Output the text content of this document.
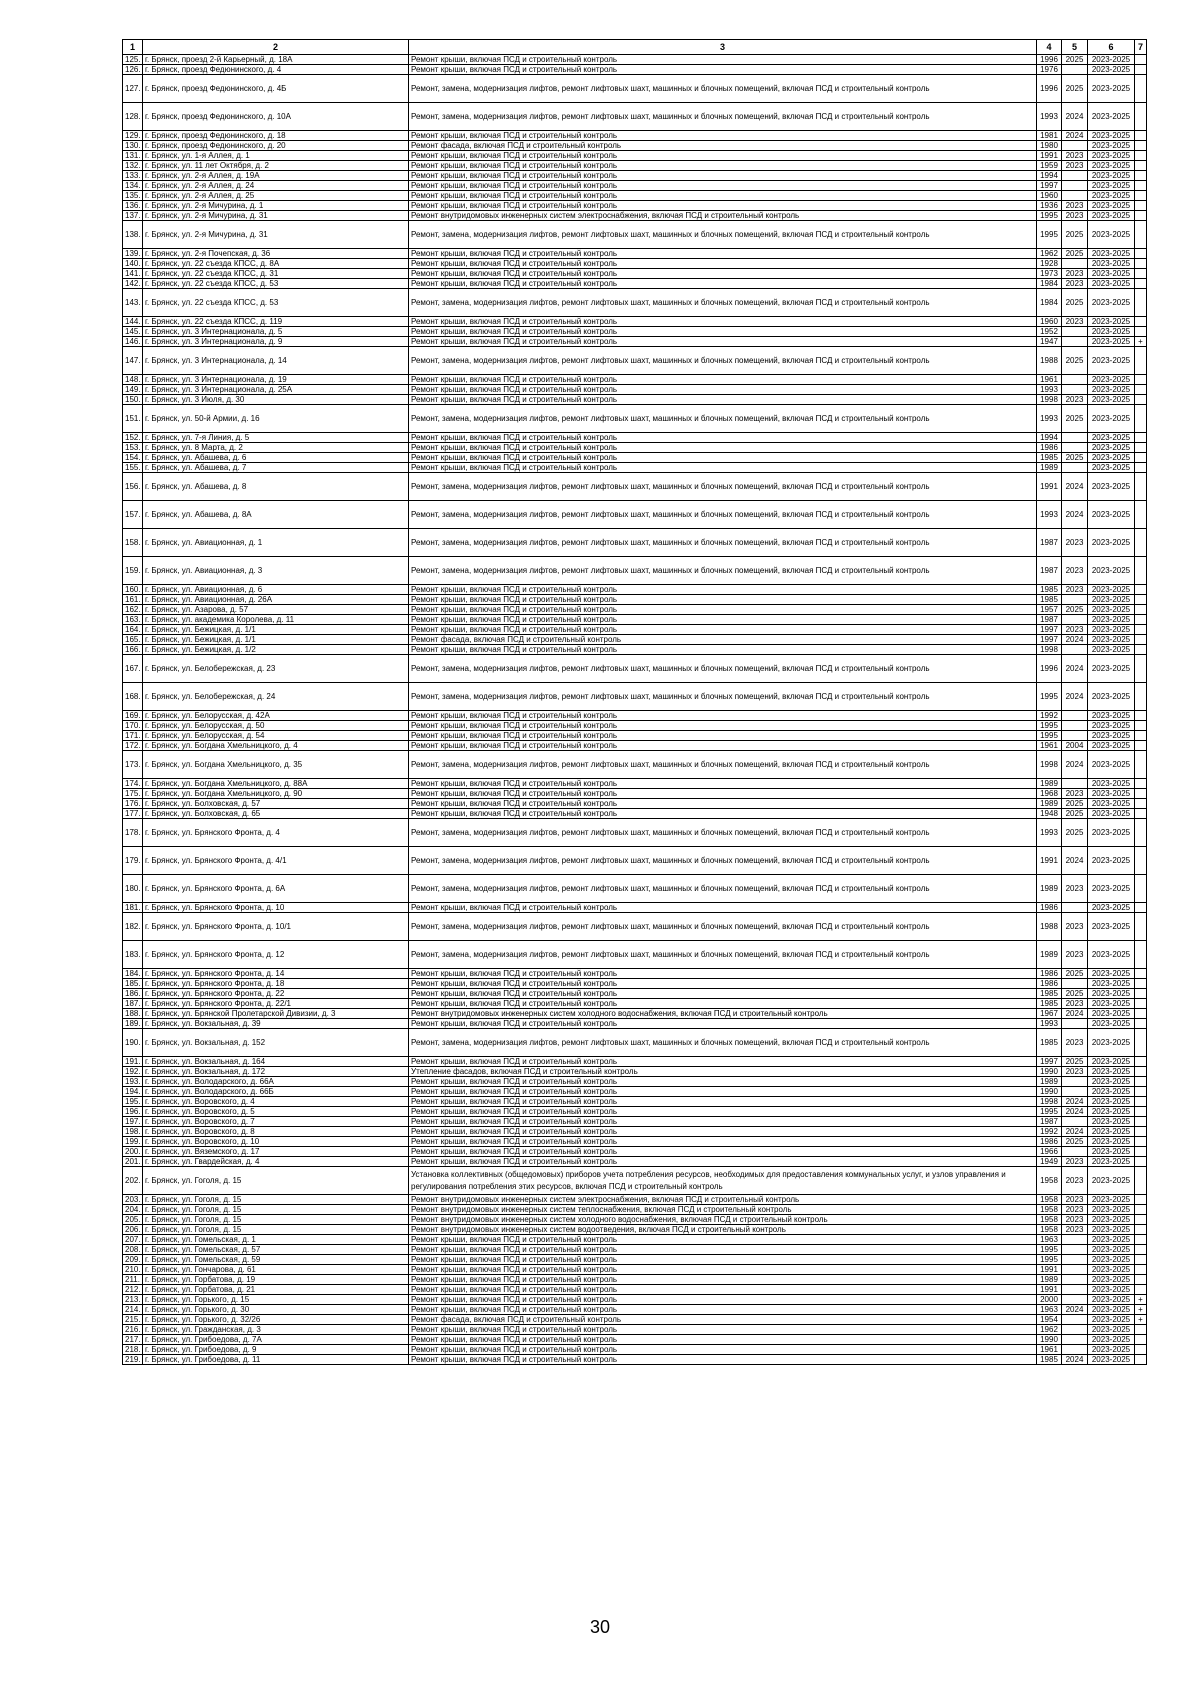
1	2	3	4	5	6	7
125.	г. Брянск, проезд 2-й Карьерный, д. 18А	Ремонт крыши, включая ПСД и строительный контроль	1996	2025	2023-2025	
126.	г. Брянск, проезд Федюнинского, д. 4	Ремонт крыши, включая ПСД и строительный контроль	1976		2023-2025	
127.	г. Брянск, проезд Федюнинского, д. 4Б	Ремонт, замена, модернизация лифтов, ремонт лифтовых шахт, машинных и блочных помещений, включая ПСД и строительный контроль	1996	2025	2023-2025	
128.	г. Брянск, проезд Федюнинского, д. 10А	Ремонт, замена, модернизация лифтов, ремонт лифтовых шахт, машинных и блочных помещений, включая ПСД и строительный контроль	1993	2024	2023-2025	
129.	г. Брянск, проезд Федюнинского, д. 18	Ремонт крыши, включая ПСД и строительный контроль	1981	2024	2023-2025	
130.	г. Брянск, проезд Федюнинского, д. 20	Ремонт фасада, включая ПСД и строительный контроль	1980		2023-2025	
131.	г. Брянск, ул. 1-я Аллея, д. 1	Ремонт крыши, включая ПСД и строительный контроль	1991	2023	2023-2025	
132.	г. Брянск, ул. 11 лет Октября, д. 2	Ремонт крыши, включая ПСД и строительный контроль	1959	2023	2023-2025	
133.	г. Брянск, ул. 2-я Аллея, д. 19А	Ремонт крыши, включая ПСД и строительный контроль	1994		2023-2025	
134.	г. Брянск, ул. 2-я Аллея, д. 24	Ремонт крыши, включая ПСД и строительный контроль	1997		2023-2025	
135.	г. Брянск, ул. 2-я Аллея, д. 25	Ремонт крыши, включая ПСД и строительный контроль	1960		2023-2025	
136.	г. Брянск, ул. 2-я Мичурина, д. 1	Ремонт крыши, включая ПСД и строительный контроль	1936	2023	2023-2025	
137.	г. Брянск, ул. 2-я Мичурина, д. 31	Ремонт внутридомовых инженерных систем электроснабжения, включая ПСД и строительный контроль	1995	2023	2023-2025	
138.	г. Брянск, ул. 2-я Мичурина, д. 31	Ремонт, замена, модернизация лифтов, ремонт лифтовых шахт, машинных и блочных помещений, включая ПСД и строительный контроль	1995	2025	2023-2025	
139.	г. Брянск, ул. 2-я Почепская, д. 36	Ремонт крыши, включая ПСД и строительный контроль	1962	2025	2023-2025	
140.	г. Брянск, ул. 22 съезда КПСС, д. 8А	Ремонт крыши, включая ПСД и строительный контроль	1928		2023-2025	
141.	г. Брянск, ул. 22 съезда КПСС, д. 31	Ремонт крыши, включая ПСД и строительный контроль	1973	2023	2023-2025	
142.	г. Брянск, ул. 22 съезда КПСС, д. 53	Ремонт крыши, включая ПСД и строительный контроль	1984	2023	2023-2025	
143.	г. Брянск, ул. 22 съезда КПСС, д. 53	Ремонт, замена, модернизация лифтов, ремонт лифтовых шахт, машинных и блочных помещений, включая ПСД и строительный контроль	1984	2025	2023-2025	
144.	г. Брянск, ул. 22 съезда КПСС, д. 119	Ремонт крыши, включая ПСД и строительный контроль	1960	2023	2023-2025	
145.	г. Брянск, ул. 3 Интернационала, д. 5	Ремонт крыши, включая ПСД и строительный контроль	1952		2023-2025	
146.	г. Брянск, ул. 3 Интернационала, д. 9	Ремонт крыши, включая ПСД и строительный контроль	1947		2023-2025	+
147.	г. Брянск, ул. 3 Интернационала, д. 14	Ремонт, замена, модернизация лифтов, ремонт лифтовых шахт, машинных и блочных помещений, включая ПСД и строительный контроль	1988	2025	2023-2025	
148.	г. Брянск, ул. 3 Интернационала, д. 19	Ремонт крыши, включая ПСД и строительный контроль	1961		2023-2025	
149.	г. Брянск, ул. 3 Интернационала, д. 25А	Ремонт крыши, включая ПСД и строительный контроль	1993		2023-2025	
150.	г. Брянск, ул. 3 Июля, д. 30	Ремонт крыши, включая ПСД и строительный контроль	1998	2023	2023-2025	
151.	г. Брянск, ул. 50-й Армии, д. 16	Ремонт, замена, модернизация лифтов, ремонт лифтовых шахт, машинных и блочных помещений, включая ПСД и строительный контроль	1993	2025	2023-2025	
152.	г. Брянск, ул. 7-я Линия, д. 5	Ремонт крыши, включая ПСД и строительный контроль	1994		2023-2025	
153.	г. Брянск, ул. 8 Марта, д. 2	Ремонт крыши, включая ПСД и строительный контроль	1986		2023-2025	
154.	г. Брянск, ул. Абашева, д. 6	Ремонт крыши, включая ПСД и строительный контроль	1985	2025	2023-2025	
155.	г. Брянск, ул. Абашева, д. 7	Ремонт крыши, включая ПСД и строительный контроль	1989		2023-2025	
156.	г. Брянск, ул. Абашева, д. 8	Ремонт, замена, модернизация лифтов, ремонт лифтовых шахт, машинных и блочных помещений, включая ПСД и строительный контроль	1991	2024	2023-2025	
157.	г. Брянск, ул. Абашева, д. 8А	Ремонт, замена, модернизация лифтов, ремонт лифтовых шахт, машинных и блочных помещений, включая ПСД и строительный контроль	1993	2024	2023-2025	
158.	г. Брянск, ул. Авиационная, д. 1	Ремонт, замена, модернизация лифтов, ремонт лифтовых шахт, машинных и блочных помещений, включая ПСД и строительный контроль	1987	2023	2023-2025	
159.	г. Брянск, ул. Авиационная, д. 3	Ремонт, замена, модернизация лифтов, ремонт лифтовых шахт, машинных и блочных помещений, включая ПСД и строительный контроль	1987	2023	2023-2025	
160.	г. Брянск, ул. Авиационная, д. 6	Ремонт крыши, включая ПСД и строительный контроль	1985	2023	2023-2025	
161.	г. Брянск, ул. Авиационная, д. 26А	Ремонт крыши, включая ПСД и строительный контроль	1985		2023-2025	
162.	г. Брянск, ул. Азарова, д. 57	Ремонт крыши, включая ПСД и строительный контроль	1957	2025	2023-2025	
163.	г. Брянск, ул. академика Королева, д. 11	Ремонт крыши, включая ПСД и строительный контроль	1987		2023-2025	
164.	г. Брянск, ул. Бежицкая, д. 1/1	Ремонт крыши, включая ПСД и строительный контроль	1997	2023	2023-2025	
165.	г. Брянск, ул. Бежицкая, д. 1/1	Ремонт фасада, включая ПСД и строительный контроль	1997	2024	2023-2025	
166.	г. Брянск, ул. Бежицкая, д. 1/2	Ремонт крыши, включая ПСД и строительный контроль	1998		2023-2025	
167.	г. Брянск, ул. Белобережская, д. 23	Ремонт, замена, модернизация лифтов, ремонт лифтовых шахт, машинных и блочных помещений, включая ПСД и строительный контроль	1996	2024	2023-2025	
168.	г. Брянск, ул. Белобережская, д. 24	Ремонт, замена, модернизация лифтов, ремонт лифтовых шахт, машинных и блочных помещений, включая ПСД и строительный контроль	1995	2024	2023-2025	
169.	г. Брянск, ул. Белорусская, д. 42А	Ремонт крыши, включая ПСД и строительный контроль	1992		2023-2025	
170.	г. Брянск, ул. Белорусская, д. 50	Ремонт крыши, включая ПСД и строительный контроль	1995		2023-2025	
171.	г. Брянск, ул. Белорусская, д. 54	Ремонт крыши, включая ПСД и строительный контроль	1995		2023-2025	
172.	г. Брянск, ул. Богдана Хмельницкого, д. 4	Ремонт крыши, включая ПСД и строительный контроль	1961	2004	2023-2025	
173.	г. Брянск, ул. Богдана Хмельницкого, д. 35	Ремонт, замена, модернизация лифтов, ремонт лифтовых шахт, машинных и блочных помещений, включая ПСД и строительный контроль	1998	2024	2023-2025	
174.	г. Брянск, ул. Богдана Хмельницкого, д. 88А	Ремонт крыши, включая ПСД и строительный контроль	1989		2023-2025	
175.	г. Брянск, ул. Богдана Хмельницкого, д. 90	Ремонт крыши, включая ПСД и строительный контроль	1968	2023	2023-2025	
176.	г. Брянск, ул. Болховская, д. 57	Ремонт крыши, включая ПСД и строительный контроль	1989	2025	2023-2025	
177.	г. Брянск, ул. Болховская, д. 65	Ремонт крыши, включая ПСД и строительный контроль	1948	2025	2023-2025	
178.	г. Брянск, ул. Брянского Фронта, д. 4	Ремонт, замена, модернизация лифтов, ремонт лифтовых шахт, машинных и блочных помещений, включая ПСД и строительный контроль	1993	2025	2023-2025	
179.	г. Брянск, ул. Брянского Фронта, д. 4/1	Ремонт, замена, модернизация лифтов, ремонт лифтовых шахт, машинных и блочных помещений, включая ПСД и строительный контроль	1991	2024	2023-2025	
180.	г. Брянск, ул. Брянского Фронта, д. 6А	Ремонт, замена, модернизация лифтов, ремонт лифтовых шахт, машинных и блочных помещений, включая ПСД и строительный контроль	1989	2023	2023-2025	
181.	г. Брянск, ул. Брянского Фронта, д. 10	Ремонт крыши, включая ПСД и строительный контроль	1986		2023-2025	
182.	г. Брянск, ул. Брянского Фронта, д. 10/1	Ремонт, замена, модернизация лифтов, ремонт лифтовых шахт, машинных и блочных помещений, включая ПСД и строительный контроль	1988	2023	2023-2025	
183.	г. Брянск, ул. Брянского Фронта, д. 12	Ремонт, замена, модернизация лифтов, ремонт лифтовых шахт, машинных и блочных помещений, включая ПСД и строительный контроль	1989	2023	2023-2025	
184.	г. Брянск, ул. Брянского Фронта, д. 14	Ремонт крыши, включая ПСД и строительный контроль	1986	2025	2023-2025	
185.	г. Брянск, ул. Брянского Фронта, д. 18	Ремонт крыши, включая ПСД и строительный контроль	1986		2023-2025	
186.	г. Брянск, ул. Брянского Фронта, д. 22	Ремонт крыши, включая ПСД и строительный контроль	1985	2025	2023-2025	
187.	г. Брянск, ул. Брянского Фронта, д. 22/1	Ремонт крыши, включая ПСД и строительный контроль	1985	2023	2023-2025	
188.	г. Брянск, ул. Брянской Пролетарской Дивизии, д. 3	Ремонт внутридомовых инженерных систем холодного водоснабжения, включая ПСД и строительный контроль	1967	2024	2023-2025	
189.	г. Брянск, ул. Вокзальная, д. 39	Ремонт крыши, включая ПСД и строительный контроль	1993		2023-2025	
190.	г. Брянск, ул. Вокзальная, д. 152	Ремонт, замена, модернизация лифтов, ремонт лифтовых шахт, машинных и блочных помещений, включая ПСД и строительный контроль	1985	2023	2023-2025	
191.	г. Брянск, ул. Вокзальная, д. 164	Ремонт крыши, включая ПСД и строительный контроль	1997	2025	2023-2025	
192.	г. Брянск, ул. Вокзальная, д. 172	Утепление фасадов, включая ПСД и строительный контроль	1990	2023	2023-2025	
193.	г. Брянск, ул. Володарского, д. 66А	Ремонт крыши, включая ПСД и строительный контроль	1989		2023-2025	
194.	г. Брянск, ул. Володарского, д. 66Б	Ремонт крыши, включая ПСД и строительный контроль	1990		2023-2025	
195.	г. Брянск, ул. Воровского, д. 4	Ремонт крыши, включая ПСД и строительный контроль	1998	2024	2023-2025	
196.	г. Брянск, ул. Воровского, д. 5	Ремонт крыши, включая ПСД и строительный контроль	1995	2024	2023-2025	
197.	г. Брянск, ул. Воровского, д. 7	Ремонт крыши, включая ПСД и строительный контроль	1987		2023-2025	
198.	г. Брянск, ул. Воровского, д. 8	Ремонт крыши, включая ПСД и строительный контроль	1992	2024	2023-2025	
199.	г. Брянск, ул. Воровского, д. 10	Ремонт крыши, включая ПСД и строительный контроль	1986	2025	2023-2025	
200.	г. Брянск, ул. Вяземского, д. 17	Ремонт крыши, включая ПСД и строительный контроль	1966		2023-2025	
201.	г. Брянск, ул. Гвардейская, д. 4	Ремонт крыши, включая ПСД и строительный контроль	1949	2023	2023-2025	
202.	г. Брянск, ул. Гоголя, д. 15	Установка коллективных (общедомовых) приборов учета потребления ресурсов, необходимых для предоставления коммунальных услуг, и узлов управления и регулирования потребления этих ресурсов, включая ПСД и строительный контроль	1958	2023	2023-2025	
203.	г. Брянск, ул. Гоголя, д. 15	Ремонт внутридомовых инженерных систем электроснабжения, включая ПСД и строительный контроль	1958	2023	2023-2025	
204.	г. Брянск, ул. Гоголя, д. 15	Ремонт внутридомовых инженерных систем теплоснабжения, включая ПСД и строительный контроль	1958	2023	2023-2025	
205.	г. Брянск, ул. Гоголя, д. 15	Ремонт внутридомовых инженерных систем холодного водоснабжения, включая ПСД и строительный контроль	1958	2023	2023-2025	
206.	г. Брянск, ул. Гоголя, д. 15	Ремонт внутридомовых инженерных систем водоотведения, включая ПСД и строительный контроль	1958	2023	2023-2025	
207.	г. Брянск, ул. Гомельская, д. 1	Ремонт крыши, включая ПСД и строительный контроль	1963		2023-2025	
208.	г. Брянск, ул. Гомельская, д. 57	Ремонт крыши, включая ПСД и строительный контроль	1995		2023-2025	
209.	г. Брянск, ул. Гомельская, д. 59	Ремонт крыши, включая ПСД и строительный контроль	1995		2023-2025	
210.	г. Брянск, ул. Гончарова, д. 61	Ремонт крыши, включая ПСД и строительный контроль	1991		2023-2025	
211.	г. Брянск, ул. Горбатова, д. 19	Ремонт крыши, включая ПСД и строительный контроль	1989		2023-2025	
212.	г. Брянск, ул. Горбатова, д. 21	Ремонт крыши, включая ПСД и строительный контроль	1991		2023-2025	
213.	г. Брянск, ул. Горького, д. 15	Ремонт крыши, включая ПСД и строительный контроль	2000		2023-2025	+
214.	г. Брянск, ул. Горького, д. 30	Ремонт крыши, включая ПСД и строительный контроль	1963	2024	2023-2025	+
215.	г. Брянск, ул. Горького, д. 32/26	Ремонт фасада, включая ПСД и строительный контроль	1954		2023-2025	+
216.	г. Брянск, ул. Гражданская, д. 3	Ремонт крыши, включая ПСД и строительный контроль	1962		2023-2025	
217.	г. Брянск, ул. Грибоедова, д. 7А	Ремонт крыши, включая ПСД и строительный контроль	1990		2023-2025	
218.	г. Брянск, ул. Грибоедова, д. 9	Ремонт крыши, включая ПСД и строительный контроль	1961		2023-2025	
219.	г. Брянск, ул. Грибоедова, д. 11	Ремонт крыши, включая ПСД и строительный контроль	1985	2024	2023-2025	
30
